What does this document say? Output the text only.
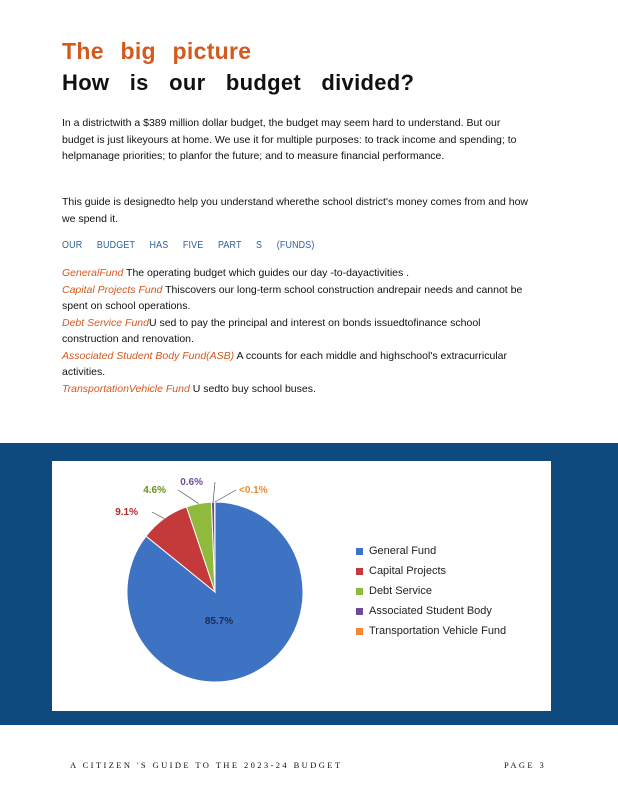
The big picture
How is our budget divided?
In a districtwith a $389 million dollar budget, the budget may seem hard to understand. But our budget is just likeyours at home. We use it for multiple purposes: to track income and spending; to helpmanage priorities; to planfor the future; and to measure financial performance.
This guide is designedto help you understand wherethe school district's money comes from and how we spend it.
OUR BUDGET HAS FIVE PART S (FUNDS)
GeneralFund The operating budget which guides our day -to-dayactivities .
Capital Projects Fund Thiscovers our long-term school construction andrepair needs and cannot be spent on school operations.
Debt Service FundU sed to pay the principal and interest on bonds issuedtofinance school construction and renovation.
Associated Student Body Fund(ASB) A ccounts for each middle and highschool's extracurricular activities.
TransportationVehicle Fund U sedto buy school buses.
85.7%
9.1%
4.6%
0.6%
<0.1%
General Fund
Capital Projects
Debt Service
Associated Student Body
Transportation Vehicle Fund
A CITIZEN 'S GUIDE TO THE 2023-24 BUDGET	PAGE 3
